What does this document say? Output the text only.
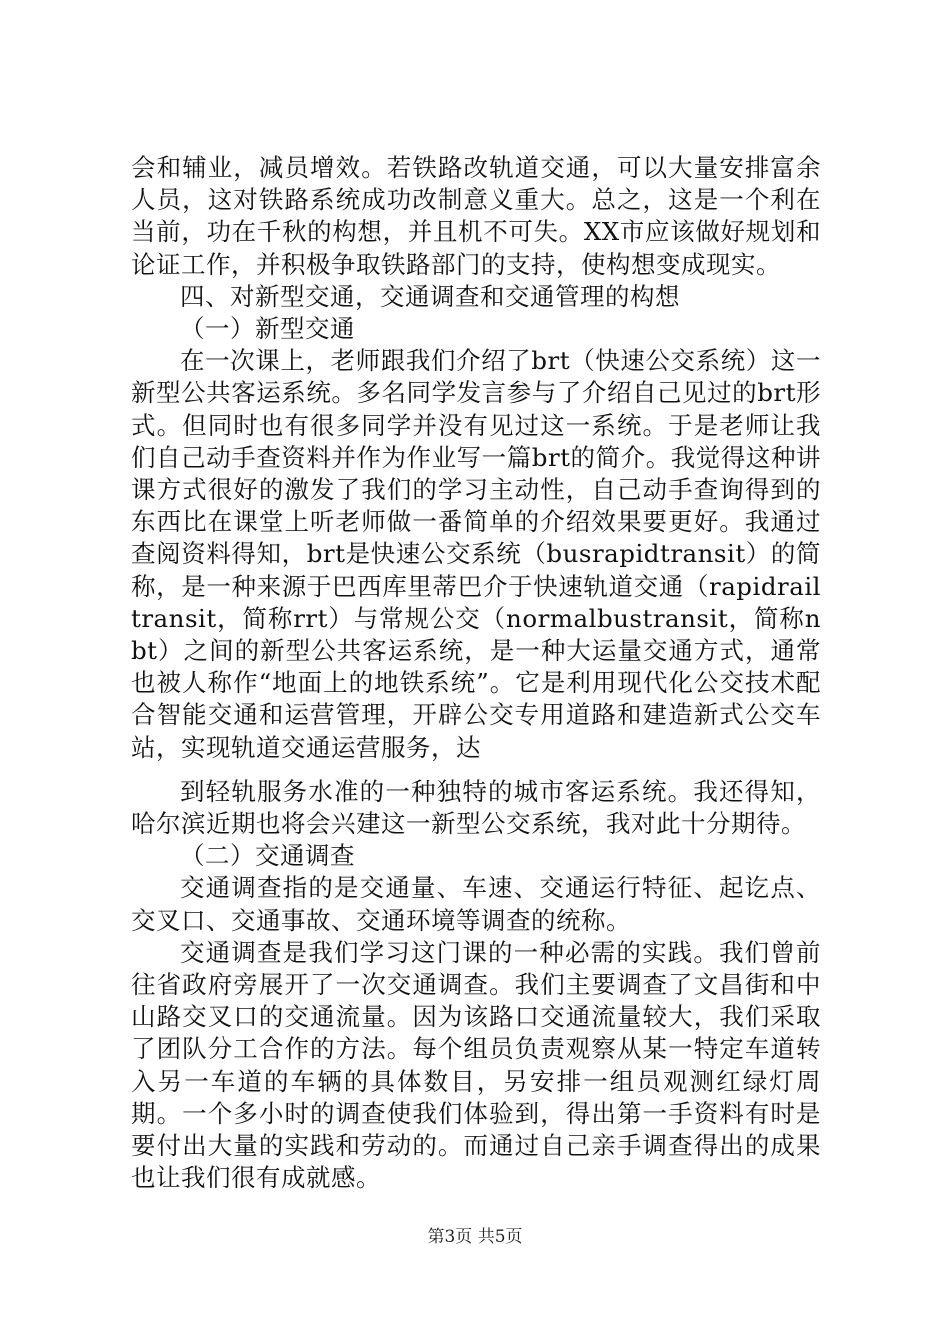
会和辅业，减员增效。若铁路改轨道交通，可以大量安排富余人员，这对铁路系统成功改制意义重大。总之，这是一个利在当前，功在千秋的构想，并且机不可失。XX市应该做好规划和论证工作，并积极争取铁路部门的支持，使构想变成现实。

四、对新型交通，交通调查和交通管理的构想

（一）新型交通

在一次课上，老师跟我们介绍了brt（快速公交系统）这一新型公共客运系统。多名同学发言参与了介绍自己见过的brt形式。但同时也有很多同学并没有见过这一系统。于是老师让我们自己动手查资料并作为作业写一篇brt的简介。我觉得这种讲课方式很好的激发了我们的学习主动性，自己动手查询得到的东西比在课堂上听老师做一番简单的介绍效果要更好。我通过查阅资料得知，brt是快速公交系统（busrapidtransit）的简称，是一种来源于巴西库里蒂巴介于快速轨道交通（rapidrailtransit，简称rrt）与常规公交（normalbustransit，简称nbt）之间的新型公共客运系统，是一种大运量交通方式，通常也被人称作“地面上的地铁系统”。它是利用现代化公交技术配合智能交通和运营管理，开辟公交专用道路和建造新式公交车站，实现轨道交通运营服务，达

到轻轨服务水准的一种独特的城市客运系统。我还得知，哈尔滨近期也将会兴建这一新型公交系统，我对此十分期待。

（二）交通调查

交通调查指的是交通量、车速、交通运行特征、起讫点、交叉口、交通事故、交通环境等调查的统称。

交通调查是我们学习这门课的一种必需的实践。我们曾前往省政府旁展开了一次交通调查。我们主要调查了文昌街和中山路交叉口的交通流量。因为该路口交通流量较大，我们采取了团队分工合作的方法。每个组员负责观察从某一特定车道转入另一车道的车辆的具体数目，另安排一组员观测红绿灯周期。一个多小时的调查使我们体验到，得出第一手资料有时是要付出大量的实践和劳动的。而通过自己亲手调查得出的成果也让我们很有成就感。

第3页 共5页
